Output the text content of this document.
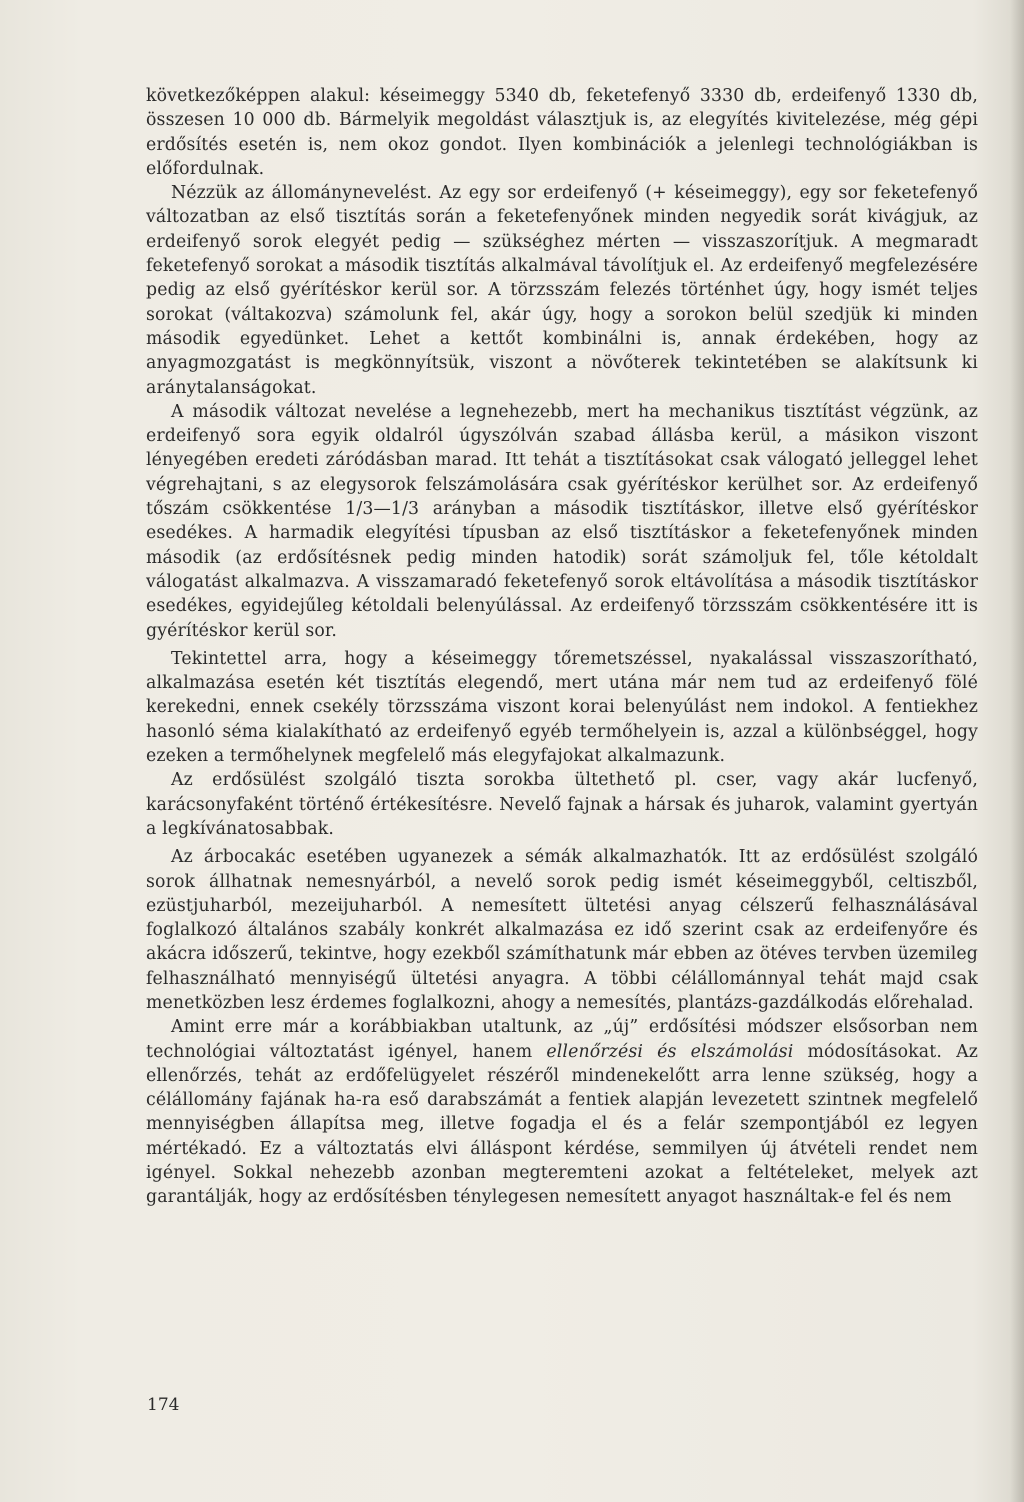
következőképpen alakul: késeimeggy 5340 db, feketefenyő 3330 db, erdeifenyő 1330 db, összesen 10 000 db. Bármelyik megoldást választjuk is, az elegyítés kivitelezése, még gépi erdősítés esetén is, nem okoz gondot. Ilyen kombinációk a jelenlegi technológiákban is előfordulnak.

Nézzük az állománynevelést. Az egy sor erdeifenyő (+ késeimeggy), egy sor feketefenyő változatban az első tisztítás során a feketefenyőnek minden negyedik sorát kivágjuk, az erdeifenyő sorok elegyét pedig — szükséghez mérten — visszaszorítjuk. A megmaradt feketefenyő sorokat a második tisztítás alkalmával távolítjuk el. Az erdeifenyő megfelezésére pedig az első gyérítéskor kerül sor. A törzsszám felezés történhet úgy, hogy ismét teljes sorokat (váltakozva) számolunk fel, akár úgy, hogy a sorokon belül szedjük ki minden második egyedünket. Lehet a kettőt kombinálni is, annak érdekében, hogy az anyagmozgatást is megkönnyítsük, viszont a növőterek tekintetében se alakítsunk ki aránytalanságokat.

A második változat nevelése a legnehezebb, mert ha mechanikus tisztítást végzünk, az erdeifenyő sora egyik oldalról úgyszólván szabad állásba kerül, a másikon viszont lényegében eredeti záródásban marad. Itt tehát a tisztításokat csak válogató jelleggel lehet végrehajtani, s az elegysorok felszámolására csak gyérítéskor kerülhet sor. Az erdeifenyő tőszám csökkentése 1/3—1/3 arányban a második tisztításkor, illetve első gyérítéskor esedékes. A harmadik elegyítési típusban az első tisztításkor a feketefenyőnek minden második (az erdősítésnek pedig minden hatodik) sorát számoljuk fel, tőle kétoldalt válogatást alkalmazva. A visszamaradó feketefenyő sorok eltávolítása a második tisztításkor esedékes, egyidejűleg kétoldali belenyúlással. Az erdeifenyő törzsszám csökkentésére itt is gyérítéskor kerül sor.

Tekintettel arra, hogy a késeimeggy tőremetszéssel, nyakalással visszaszorítható, alkalmazása esetén két tisztítás elegendő, mert utána már nem tud az erdeifenyő fölé kerekedni, ennek csekély törzsszáma viszont korai belenyúlást nem indokol. A fentiekhez hasonló séma kialakítható az erdeifenyő egyéb termőhelyein is, azzal a különbséggel, hogy ezeken a termőhelynek megfelelő más elegyfajokat alkalmazunk.

Az erdősülést szolgáló tiszta sorokba ültethető pl. cser, vagy akár lucfenyő, karácsonyfaként történő értékesítésre. Nevelő fajnak a hársak és juharok, valamint gyertyán a legkívánatosabbak.

Az árbocakác esetében ugyanezek a sémák alkalmazhatók. Itt az erdősülést szolgáló sorok állhatnak nemesnyárból, a nevelő sorok pedig ismét késeimeggyből, celtiszből, ezüstjuharból, mezeijuharból. A nemesített ültetési anyag célszerű felhasználásával foglalkozó általános szabály konkrét alkalmazása ez idő szerint csak az erdeifenyőre és akácra időszerű, tekintve, hogy ezekből számíthatunk már ebben az ötéves tervben üzemileg felhasználható mennyiségű ültetési anyagra. A többi célállománnyal tehát majd csak menetközben lesz érdemes foglalkozni, ahogy a nemesítés, plantázs-gazdálkodás előrehalad.

Amint erre már a korábbiakban utaltunk, az „új” erdősítési módszer elsősorban nem technológiai változtatást igényel, hanem ellenőrzési és elszámolási módosításokat. Az ellenőrzés, tehát az erdőfelügyelet részéről mindenekelőtt arra lenne szükség, hogy a célállomány fajának ha-ra eső darabszámát a fentiek alapján levezetett szintnek megfelelő mennyiségben állapítsa meg, illetve fogadja el és a felár szempontjából ez legyen mértékadó. Ez a változtatás elvi álláspont kérdése, semmilyen új átvételi rendet nem igényel. Sokkal nehezebb azonban megteremteni azokat a feltételeket, melyek azt garantálják, hogy az erdősítésben ténylegesen nemesített anyagot használtak-e fel és nem

174
